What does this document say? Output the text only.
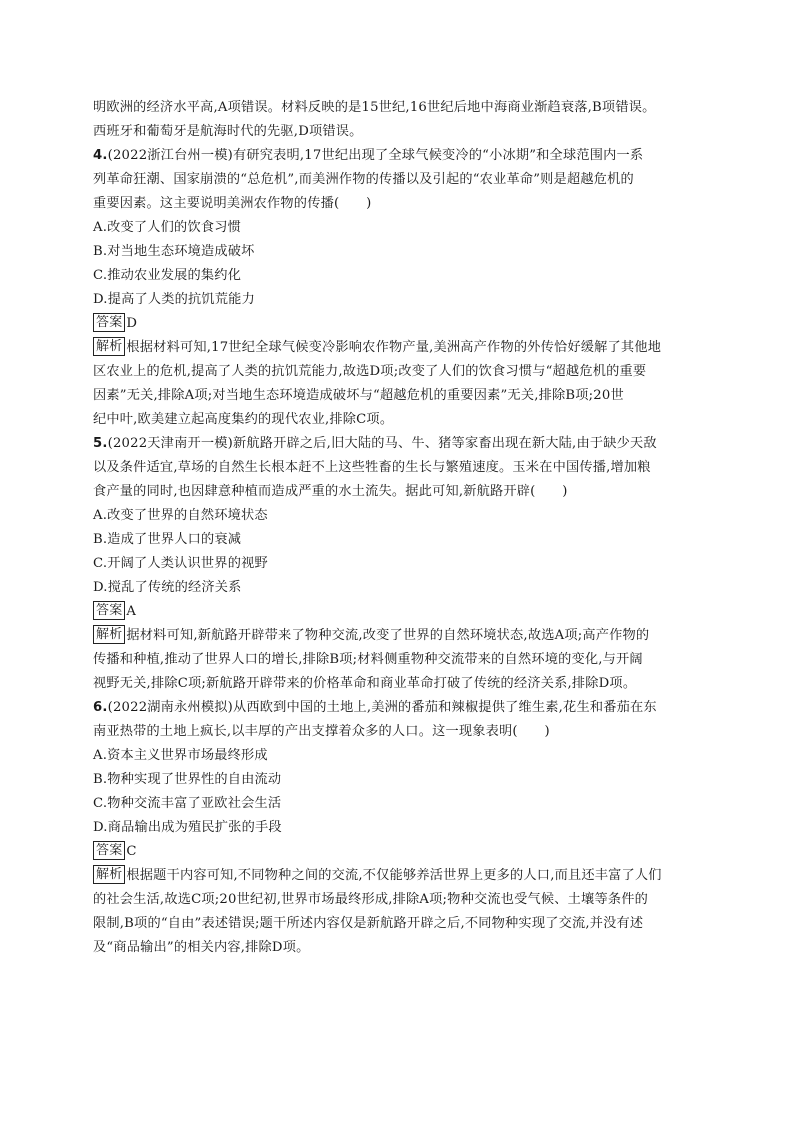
明欧洲的经济水平高,A项错误。材料反映的是15世纪,16世纪后地中海商业渐趋衰落,B项错误。
西班牙和葡萄牙是航海时代的先驱,D项错误。
4.(2022浙江台州一模)有研究表明,17世纪出现了全球气候变冷的“小冰期”和全球范围内一系
列革命狂潮、国家崩溃的“总危机”,而美洲作物的传播以及引起的“农业革命”则是超越危机的
重要因素。这主要说明美洲农作物的传播(　　)
A.改变了人们的饮食习惯
B.对当地生态环境造成破坏
C.推动农业发展的集约化
D.提高了人类的抗饥荒能力
答案 D
解析 根据材料可知,17世纪全球气候变冷影响农作物产量,美洲高产作物的外传恰好缓解了其他地
区农业上的危机,提高了人类的抗饥荒能力,故选D项;改变了人们的饮食习惯与“超越危机的重要
因素”无关,排除A项;对当地生态环境造成破坏与“超越危机的重要因素”无关,排除B项;20世
纪中叶,欧美建立起高度集约的现代农业,排除C项。
5.(2022天津南开一模)新航路开辟之后,旧大陆的马、牛、猪等家畜出现在新大陆,由于缺少天敌
以及条件适宜,草场的自然生长根本赶不上这些牲畜的生长与繁殖速度。玉米在中国传播,增加粮
食产量的同时,也因肆意种植而造成严重的水土流失。据此可知,新航路开辟(　　)
A.改变了世界的自然环境状态
B.造成了世界人口的衰减
C.开阔了人类认识世界的视野
D.搅乱了传统的经济关系
答案 A
解析 据材料可知,新航路开辟带来了物种交流,改变了世界的自然环境状态,故选A项;高产作物的
传播和种植,推动了世界人口的增长,排除B项;材料侧重物种交流带来的自然环境的变化,与开阔
视野无关,排除C项;新航路开辟带来的价格革命和商业革命打破了传统的经济关系,排除D项。
6.(2022湖南永州模拟)从西欧到中国的土地上,美洲的番茄和辣椒提供了维生素,花生和番茄在东
南亚热带的土地上疯长,以丰厚的产出支撑着众多的人口。这一现象表明(　　)
A.资本主义世界市场最终形成
B.物种实现了世界性的自由流动
C.物种交流丰富了亚欧社会生活
D.商品输出成为殖民扩张的手段
答案 C
解析 根据题干内容可知,不同物种之间的交流,不仅能够养活世界上更多的人口,而且还丰富了人们
的社会生活,故选C项;20世纪初,世界市场最终形成,排除A项;物种交流也受气候、土壤等条件的
限制,B项的“自由”表述错误;题干所述内容仅是新航路开辟之后,不同物种实现了交流,并没有述
及“商品输出”的相关内容,排除D项。
